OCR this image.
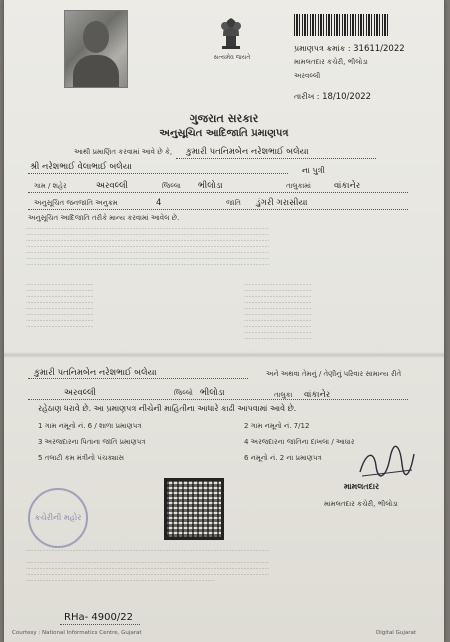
સત્યમેવ જયતે
પ્રમાણપત્ર ક્રમાંક : 31611/2022
મામલતદાર કચેરી, ભીલોડા
અરવલ્લી
તારીખ : 18/10/2022
ગુજરાત સરકાર
અનુસૂચિત આદિજાતિ પ્રમાણપત્ર
આથી પ્રમાણિત કરવામાં આવે છે કે, કુમારી પતનિમબેન નરેશભાઈ બલેયા
શ્રી નરેશભાઈ વેલાભાઈ બલેયા	ના પુત્રી
ગામ / શહેર	અરવલ્લી	જિલ્લા ભીલોડા	તાલુકામાં	વાંકાનેર
અનુસૂચિત જનજાતિ અનુક્રમ	4	જાતિ ડુંગરી ગરાસીયા
અનુસૂચિત આદિજાતિ તરીકે માન્ય કરવામાં આવેલ છે.
………………………………………………………………………………………………………………………………………………
………………………………………………………………………………………………………………………………………………
………………………………………………………………………………………………………………………………………………
………………………………………………………………………………………………………………………………………………
………………………………………………………………………………………………………………………………………………
………………………………………………………………………………………………………………………………………………
………………………………………………………………………………………………………………………………………………
………………………………………
………………………………………
………………………………………
………………………………………
………………………………………
………………………………………
………………………………………
………………………………………
………………………………………
………………………………………
………………………………………
………………………………………
………………………………………
………………………………………
………………………………………
………………………………………
………………………………………
………………………………………
કુમારી પતનિમબેન નરેશભાઈ બલેયા	અને અથવા તેમનું / તેણીનું પરિવાર સામાન્ય રીતે
અરવલ્લી	જિલ્લો ભીલોડા	તાલુકા વાંકાનેર
રહેઠાણ ધરાવે છે. આ પ્રમાણપત્ર નીચેની માહિતીના આધારે કાઢી આપવામાં આવે છે.
1 ગામ નમૂનો નં. 6 / શાળા પ્રમાણપત્ર	2 ગામ નમૂનો નં. 7/12
3 અરજદારના પિતાના જાતિ પ્રમાણપત્ર	4 અરજદારના જાતિના દાખલા / આધાર
5 તલાટી કમ મંત્રીનો પંચક્યાસ	6 નમૂનો નં. 2 ના પ્રમાણપત્ર
કચેરીની મહોર
મામલતદાર
મામલતદાર કચેરી, ભીલોડા
………………………………………………………………………………………………………………………………………………

………………………………………………………………………………………………………………………………………………
………………………………………………………………………………………………………………………………………………
………………………………………………………………………………………………………………………………………………
………………………………………………………………………………………………………………
RHa- 4900/22
Courtesy : National Informatics Centre, Gujarat	Digital Gujarat
